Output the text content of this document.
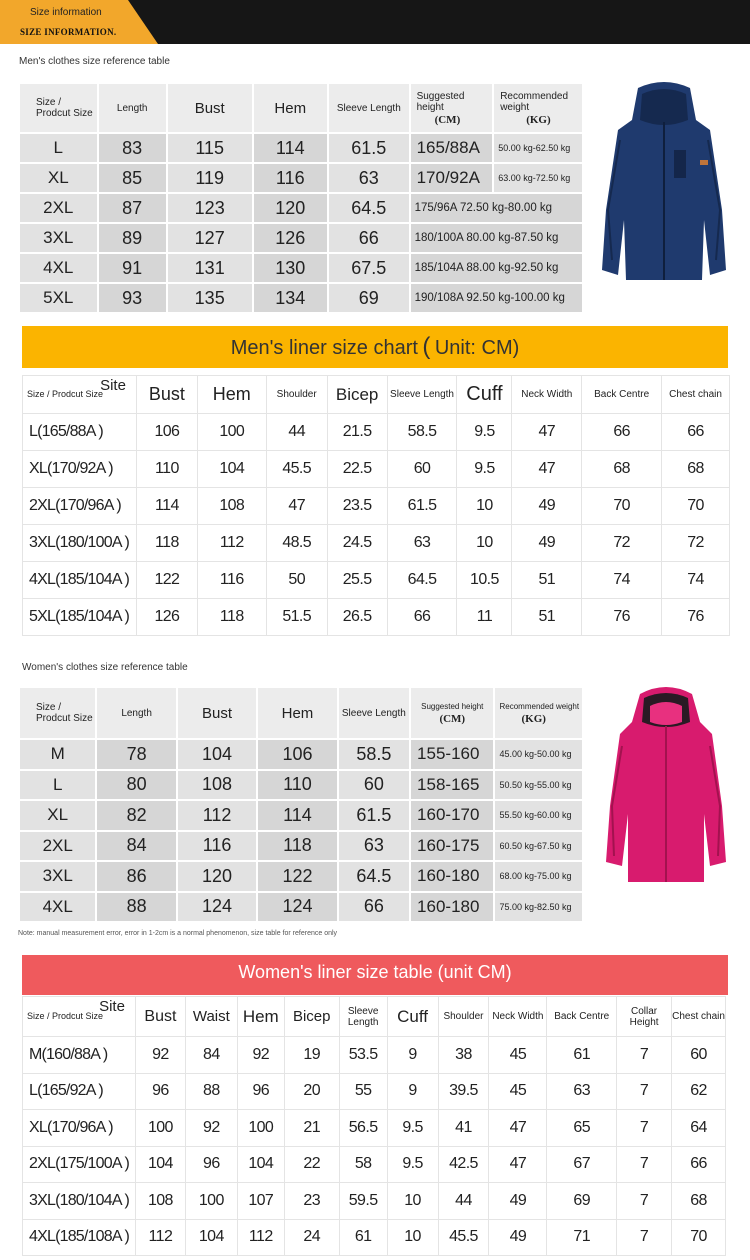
Size information
SIZE INFORMATION.
Men's clothes size reference table
Size / Prodcut Size	Length	Bust	Hem	Sleeve Length	Suggested height
(CM)	Recommended weight
(KG)

L	83	115	114	61.5	165/88A	50.00 kg-62.50 kg
XL	85	119	116	63	170/92A	63.00 kg-72.50 kg
2XL	87	123	120	64.5	175/96A 72.50 kg-80.00 kg	
3XL	89	127	126	66	180/100A 80.00 kg-87.50 kg	
4XL	91	131	130	67.5	185/104A 88.00 kg-92.50 kg	
5XL	93	135	134	69	190/108A 92.50 kg-100.00 kg	
Men's liner size chart ( Unit: CM)
Size / Prodcut Size
Site	Bust	Hem	Shoulder	Bicep	Sleeve Length	Cuff	Neck Width	Back Centre	Chest chain
L(165/88A )	106	100	44	21.5	58.5	9.5	47	66	66
XL(170/92A )	110	104	45.5	22.5	60	9.5	47	68	68
2XL(170/96A )	114	108	47	23.5	61.5	10	49	70	70
3XL(180/100A )	118	112	48.5	24.5	63	10	49	72	72
4XL(185/104A )	122	116	50	25.5	64.5	10.5	51	74	74
5XL(185/104A )	126	118	51.5	26.5	66	11	51	76	76
Women's clothes size reference table
Size / Prodcut Size	Length	Bust	Hem	Sleeve Length	Suggested height
(CM)	Recommended weight
(KG)

M	78	104	106	58.5	155-160	45.00 kg-50.00 kg
L	80	108	110	60	158-165	50.50 kg-55.00 kg
XL	82	112	114	61.5	160-170	55.50 kg-60.00 kg
2XL	84	116	118	63	160-175	60.50 kg-67.50 kg
3XL	86	120	122	64.5	160-180	68.00 kg-75.00 kg
4XL	88	124	124	66	160-180	75.00 kg-82.50 kg
Note: manual measurement error, error in 1-2cm is a normal phenomenon, size table for reference only
Women's liner size table (unit CM)
Size / Prodcut Size
Site	Bust	Waist	Hem	Bicep	Sleeve Length	Cuff	Shoulder	Neck Width	Back Centre	Collar Height	Chest chain
M(160/88A )	92	84	92	19	53.5	9	38	45	61	7	60
L(165/92A )	96	88	96	20	55	9	39.5	45	63	7	62
XL(170/96A )	100	92	100	21	56.5	9.5	41	47	65	7	64
2XL(175/100A )	104	96	104	22	58	9.5	42.5	47	67	7	66
3XL(180/104A )	108	100	107	23	59.5	10	44	49	69	7	68
4XL(185/108A )	112	104	112	24	61	10	45.5	49	71	7	70
